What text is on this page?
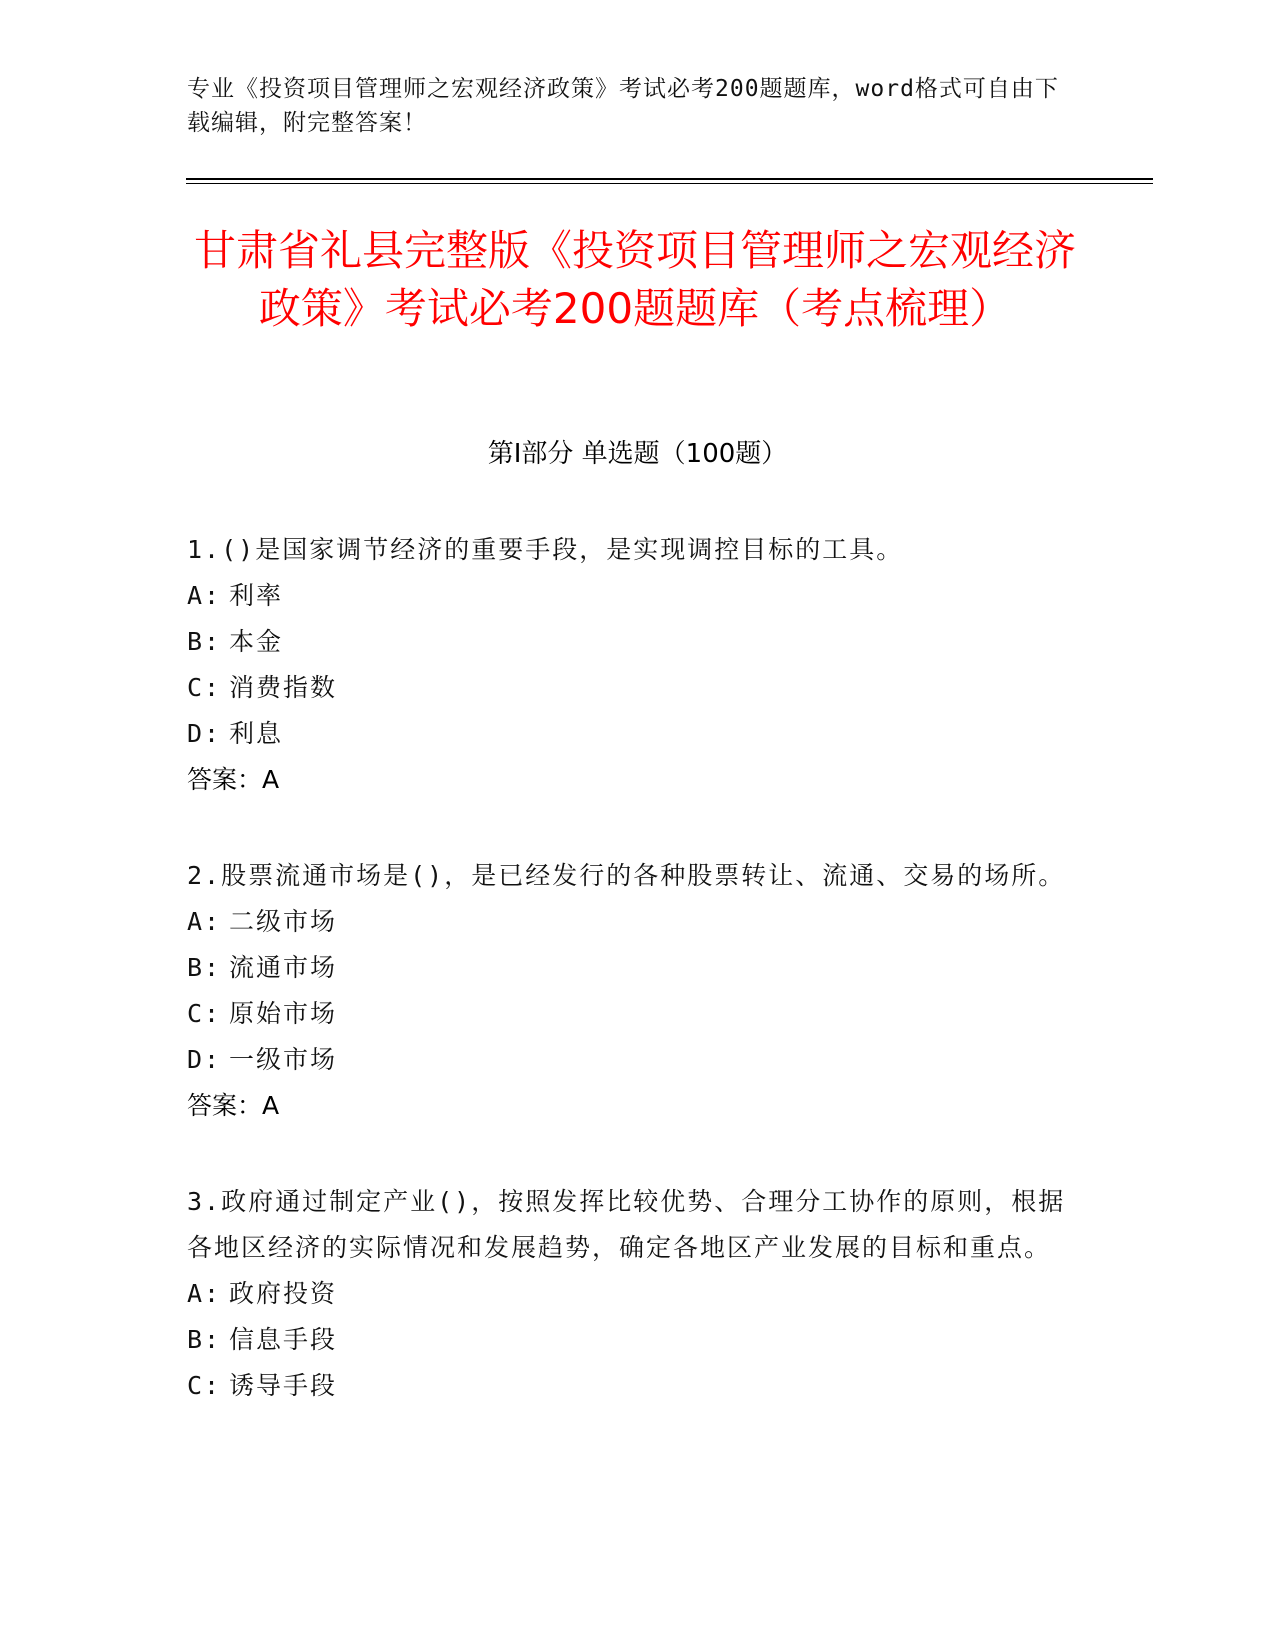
专业《投资项目管理师之宏观经济政策》考试必考200题题库，word格式可自由下载编辑，附完整答案！
甘肃省礼县完整版《投资项目管理师之宏观经济政策》考试必考200题题库（考点梳理）
第I部分 单选题（100题）
1.()是国家调节经济的重要手段，是实现调控目标的工具。
A: 利率
B: 本金
C: 消费指数
D: 利息
答案：A
2.股票流通市场是()，是已经发行的各种股票转让、流通、交易的场所。
A: 二级市场
B: 流通市场
C: 原始市场
D: 一级市场
答案：A
3.政府通过制定产业()，按照发挥比较优势、合理分工协作的原则，根据各地区经济的实际情况和发展趋势，确定各地区产业发展的目标和重点。
A: 政府投资
B: 信息手段
C: 诱导手段
